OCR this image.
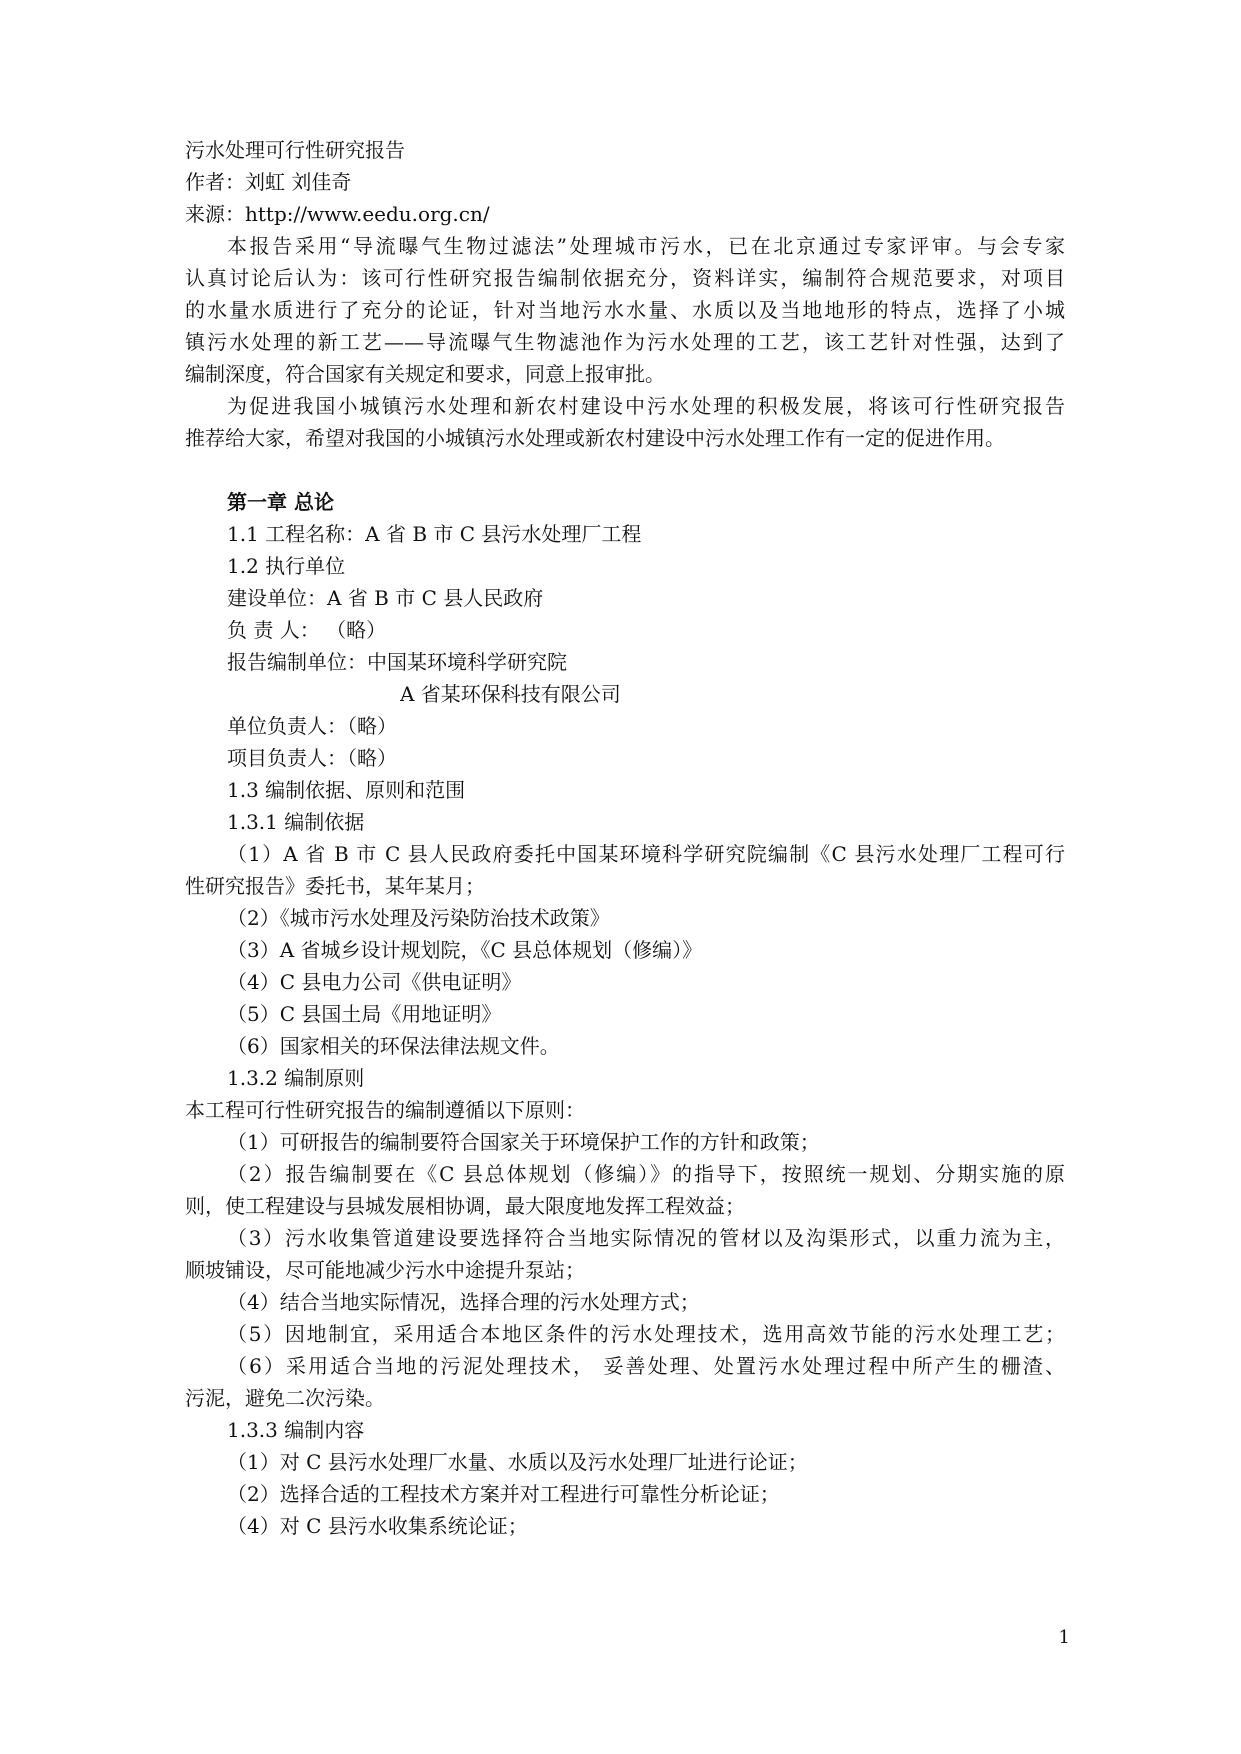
污水处理可行性研究报告
作者：刘虹 刘佳奇
来源：http://www.eedu.org.cn/
本报告采用“导流曝气生物过滤法”处理城市污水，已在北京通过专家评审。与会专家
认真讨论后认为：该可行性研究报告编制依据充分，资料详实，编制符合规范要求，对项目
的水量水质进行了充分的论证，针对当地污水水量、水质以及当地地形的特点，选择了小城
镇污水处理的新工艺——导流曝气生物滤池作为污水处理的工艺，该工艺针对性强，达到了
编制深度，符合国家有关规定和要求，同意上报审批。
为促进我国小城镇污水处理和新农村建设中污水处理的积极发展，将该可行性研究报告
推荐给大家，希望对我国的小城镇污水处理或新农村建设中污水处理工作有一定的促进作用。
第一章 总论
1.1 工程名称：A 省 B 市 C 县污水处理厂工程
1.2 执行单位
建设单位：A 省 B 市 C 县人民政府
负 责 人： （略）
报告编制单位：中国某环境科学研究院
A 省某环保科技有限公司
单位负责人：（略）
项目负责人：（略）
1.3 编制依据、原则和范围
1.3.1 编制依据
（1）A 省 B 市 C 县人民政府委托中国某环境科学研究院编制《C 县污水处理厂工程可行
性研究报告》委托书，某年某月；
（2）《城市污水处理及污染防治技术政策》
（3）A 省城乡设计规划院，《C 县总体规划（修编）》
（4）C 县电力公司《供电证明》
（5）C 县国土局《用地证明》
（6）国家相关的环保法律法规文件。
1.3.2 编制原则
本工程可行性研究报告的编制遵循以下原则：
（1）可研报告的编制要符合国家关于环境保护工作的方针和政策；
（2）报告编制要在《C 县总体规划（修编）》的指导下，按照统一规划、分期实施的原
则，使工程建设与县城发展相协调，最大限度地发挥工程效益；
（3）污水收集管道建设要选择符合当地实际情况的管材以及沟渠形式，以重力流为主，
顺坡铺设，尽可能地减少污水中途提升泵站；
（4）结合当地实际情况，选择合理的污水处理方式；
（5）因地制宜，采用适合本地区条件的污水处理技术，选用高效节能的污水处理工艺；
（6）采用适合当地的污泥处理技术， 妥善处理、处置污水处理过程中所产生的栅渣、
污泥，避免二次污染。
1.3.3 编制内容
（1）对 C 县污水处理厂水量、水质以及污水处理厂址进行论证；
（2）选择合适的工程技术方案并对工程进行可靠性分析论证；
（4）对 C 县污水收集系统论证；
1
